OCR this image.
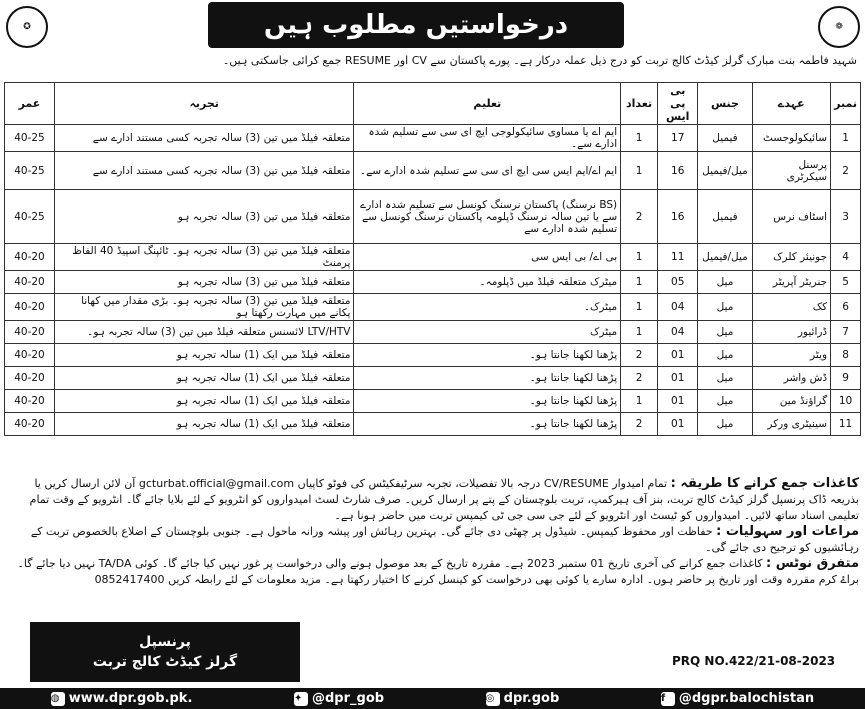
✪	درخواستیں مطلوب ہیں	❁
شہید فاطمہ بنت مبارک گرلز کیڈٹ کالج تربت کو درج ذیل عملہ درکار ہے۔ پورے پاکستان سے CV اور RESUME جمع کرائی جاسکتی ہیں۔
عمر	تجربہ	تعلیم	تعداد	بی پی ایس	جنس	عہدے	نمبر
40-25	متعلقہ فیلڈ میں تین (3) سالہ تجربہ کسی مستند ادارے سے	ایم اے یا مساوی سائیکولوجی ایچ ای سی سے تسلیم شدہ ادارے سے۔	1	17	فیمیل	سائیکولوجسٹ	1
40-25	متعلقہ فیلڈ میں تین (3) سالہ تجربہ کسی مستند ادارے سے	ایم اے/ایم ایس سی ایچ ای سی سے تسلیم شدہ ادارے سے۔	1	16	میل/فیمیل	پرسنل سیکرٹری	2
40-25	متعلقہ فیلڈ میں تین (3) سالہ تجربہ ہو	(BS نرسنگ) پاکستان نرسنگ کونسل سے تسلیم شدہ ادارے سے یا تین سالہ نرسنگ ڈپلومہ پاکستان نرسنگ کونسل سے تسلیم شدہ ادارے سے	2	16	فیمیل	اسٹاف نرس	3
40-20	متعلقہ فیلڈ میں تین (3) سالہ تجربہ ہو۔ ٹائپنگ اسپیڈ 40 الفاظ پرمنٹ	بی اے/ بی ایس سی	1	11	میل/فیمیل	جونیئر کلرک	4
40-20	متعلقہ فیلڈ میں تین (3) سالہ تجربہ ہو	میٹرک متعلقہ فیلڈ میں ڈپلومہ۔	1	05	میل	جنریٹر آپریٹر	5
40-20	متعلقہ فیلڈ میں تین (3) سالہ تجربہ ہو۔ بڑی مقدار میں کھانا پکانے میں مہارت رکھتا ہو	میٹرک۔	1	04	میل	کک	6
40-20	LTV/HTV لائسنس متعلقہ فیلڈ میں تین (3) سالہ تجربہ ہو۔	میٹرک	1	04	میل	ڈرائیور	7
40-20	متعلقہ فیلڈ میں ایک (1) سالہ تجربہ ہو	پڑھنا لکھنا جانتا ہو۔	2	01	میل	ویٹر	8
40-20	متعلقہ فیلڈ میں ایک (1) سالہ تجربہ ہو	پڑھنا لکھنا جانتا ہو۔	2	01	میل	ڈش واشر	9
40-20	متعلقہ فیلڈ میں ایک (1) سالہ تجربہ ہو	پڑھنا لکھنا جانتا ہو۔	1	01	میل	گراؤنڈ مین	10
40-20	متعلقہ فیلڈ میں ایک (1) سالہ تجربہ ہو	پڑھنا لکھنا جانتا ہو۔	2	01	میل	سینیٹری ورکر	11
کاغذات جمع کرانے کا طریقہ : تمام امیدوار CV/RESUME درجہ بالا تفصیلات، تجربہ سرٹیفکیٹس کی فوٹو کاپیاں gcturbat.official@gmail.com آن لائن ارسال کریں یا بذریعہ ڈاک پرنسپل گرلز کیڈٹ کالج تربت، بنز آف ہیرکمپ، تربت بلوچستان کے پتے پر ارسال کریں۔ صرف شارٹ لسٹ امیدواروں کو انٹرویو کے لئے بلایا جائے گا۔ انٹرویو کے وقت تمام تعلیمی اسناد ساتھ لائیں۔ امیدواروں کو ٹیسٹ اور انٹرویو کے لئے جی سی جی ٹی کیمپس تربت میں حاضر ہونا ہے۔
مراعات اور سہولیات : حفاظت اور محفوظ کیمپس۔ شیڈول پر چھٹی دی جائے گی۔ بہترین رہائش اور پیشہ ورانہ ماحول ہے۔ جنوبی بلوچستان کے اضلاع بالخصوص تربت کے رہائشیوں کو ترجیح دی جائے گی۔
متفرق نوٹس : کاغذات جمع کرانے کی آخری تاریخ 01 ستمبر 2023 ہے۔ مقررہ تاریخ کے بعد موصول ہونے والی درخواست پر غور نہیں کیا جائے گا۔ کوئی TA/DA نہیں دیا جائے گا۔ براۓ کرم مقررہ وقت اور تاریخ پر حاضر ہوں۔ ادارہ سارے یا کوئی بھی درخواست کو کینسل کرنے کا اختیار رکھتا ہے۔ مزید معلومات کے لئے رابطہ کریں 0852417400
پرنسپل
گرلز کیڈٹ کالج تربت	PRQ NO.422/21-08-2023
◍ www.dpr.gob.pk.	✦ @dpr_gob	◎ dpr.gob	f	@dgpr.balochistan
